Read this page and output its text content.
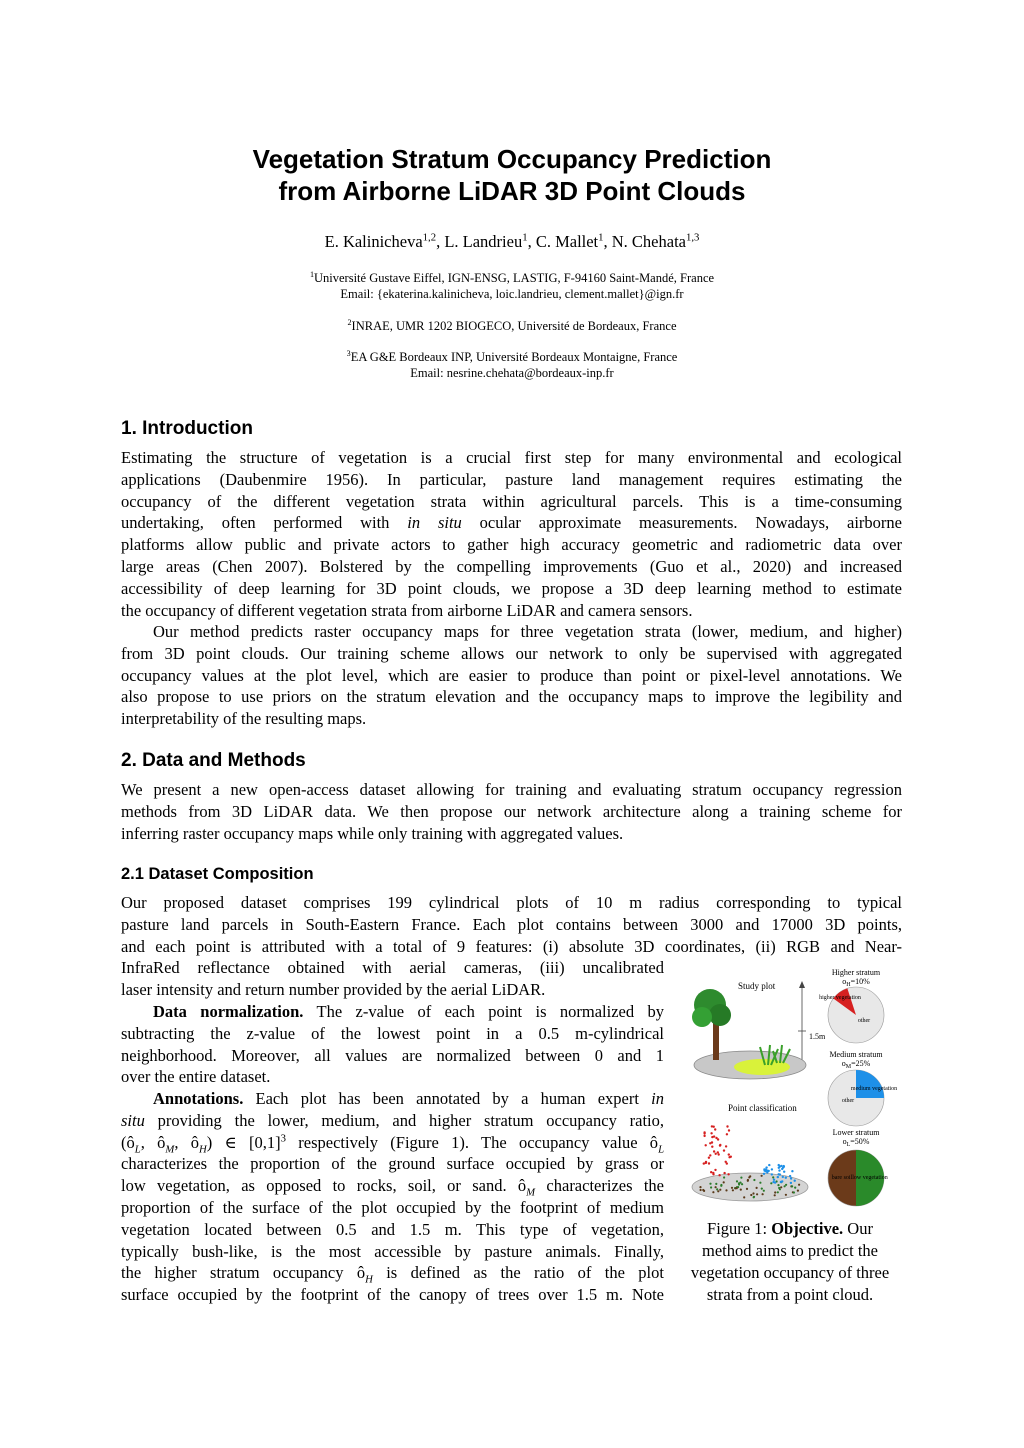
Vegetation Stratum Occupancy Prediction
from Airborne LiDAR 3D Point Clouds
E. Kalinicheva$^{1,2}$, L. Landrieu$^1$, C. Mallet$^1$, N. Chehata$^{1,3}$
$^1$Université Gustave Eiffel, IGN-ENSG, LASTIG, F-94160 Saint-Mandé, France
Email: {ekaterina.kalinicheva, loic.landrieu, clement.mallet}@ign.fr
$^2$INRAE, UMR 1202 BIOGECO, Université de Bordeaux, France
$^3$EA G&E Bordeaux INP, Université Bordeaux Montaigne, France
Email: nesrine.chehata@bordeaux-inp.fr
1. Introduction
Estimating the structure of vegetation is a crucial first step for many environmental and ecological
applications (Daubenmire 1956). In particular, pasture land management requires estimating the
occupancy of the different vegetation strata within agricultural parcels. This is a time-consuming
undertaking, often performed with in situ ocular approximate measurements. Nowadays, airborne
platforms allow public and private actors to gather high accuracy geometric and radiometric data over
large areas (Chen 2007). Bolstered by the compelling improvements (Guo et al., 2020) and increased
accessibility of deep learning for 3D point clouds, we propose a 3D deep learning method to estimate
the occupancy of different vegetation strata from airborne LiDAR and camera sensors.
Our method predicts raster occupancy maps for three vegetation strata (lower, medium, and higher)
from 3D point clouds. Our training scheme allows our network to only be supervised with aggregated
occupancy values at the plot level, which are easier to produce than point or pixel-level annotations. We
also propose to use priors on the stratum elevation and the occupancy maps to improve the legibility and
interpretability of the resulting maps.
2. Data and Methods
We present a new open-access dataset allowing for training and evaluating stratum occupancy regression
methods from 3D LiDAR data. We then propose our network architecture along a training scheme for
inferring raster occupancy maps while only training with aggregated values.
2.1 Dataset Composition
Our proposed dataset comprises 199 cylindrical plots of 10 m radius corresponding to typical
pasture land parcels in South-Eastern France. Each plot contains between 3000 and 17000 3D points,
and each point is attributed with a total of 9 features: (i) absolute 3D coordinates, (ii) RGB and Near-
InfraRed reflectance obtained with aerial cameras, (iii) uncalibrated
laser intensity and return number provided by the aerial LiDAR.
Data normalization. The z-value of each point is normalized by
subtracting the z-value of the lowest point in a 0.5 m-cylindrical
neighborhood. Moreover, all values are normalized between 0 and 1
over the entire dataset.
Annotations. Each plot has been annotated by a human expert in
situ providing the lower, medium, and higher stratum occupancy ratio,
($ô_L$, $ô_M$, $ô_H$) ∈ $[0,1]^3$ respectively (Figure 1). The occupancy value $ô_L$
characterizes the proportion of the ground surface occupied by grass or
low vegetation, as opposed to rocks, soil, or sand. $ô_M$ characterizes the
proportion of the surface of the plot occupied by the footprint of medium
vegetation located between 0.5 and 1.5 m. This type of vegetation,
typically bush-like, is the most accessible by pasture animals. Finally,
the higher stratum occupancy $ô_H$ is defined as the ratio of the plot
surface occupied by the footprint of the canopy of trees over 1.5 m. Note
Study plot
1.5m
Point classification
Higher stratum
$o_H=10\%$
higher vegetation
other
Medium stratum
$o_M=25\%$
medium vegetation
other
Lower stratum
$o_L=50\%$
low vegetation
bare soil
Figure 1: Objective. Our
method aims to predict the
vegetation occupancy of three
strata from a point cloud.
